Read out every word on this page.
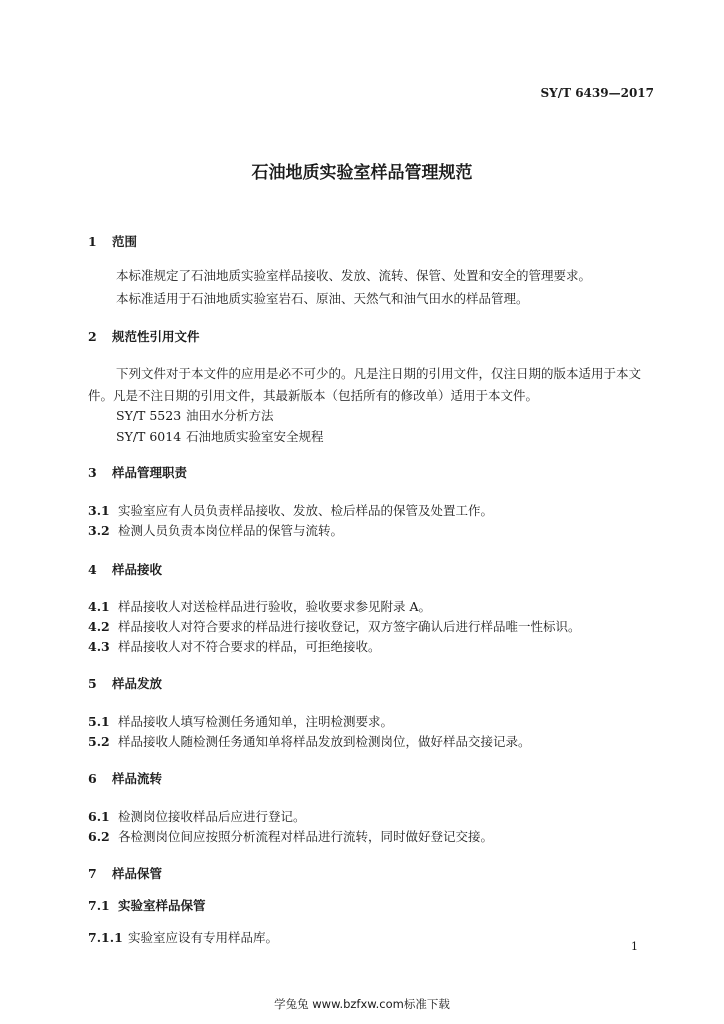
SY/T 6439—2017
石油地质实验室样品管理规范
1 范围
本标准规定了石油地质实验室样品接收、发放、流转、保管、处置和安全的管理要求。
本标准适用于石油地质实验室岩石、原油、天然气和油气田水的样品管理。
2 规范性引用文件
下列文件对于本文件的应用是必不可少的。凡是注日期的引用文件，仅注日期的版本适用于本文
件。凡是不注日期的引用文件，其最新版本（包括所有的修改单）适用于本文件。
SY/T 5523 油田水分析方法
SY/T 6014 石油地质实验室安全规程
3 样品管理职责
3.1 实验室应有人员负责样品接收、发放、检后样品的保管及处置工作。
3.2 检测人员负责本岗位样品的保管与流转。
4 样品接收
4.1 样品接收人对送检样品进行验收，验收要求参见附录 A。
4.2 样品接收人对符合要求的样品进行接收登记，双方签字确认后进行样品唯一性标识。
4.3 样品接收人对不符合要求的样品，可拒绝接收。
5 样品发放
5.1 样品接收人填写检测任务通知单，注明检测要求。
5.2 样品接收人随检测任务通知单将样品发放到检测岗位，做好样品交接记录。
6 样品流转
6.1 检测岗位接收样品后应进行登记。
6.2 各检测岗位间应按照分析流程对样品进行流转，同时做好登记交接。
7 样品保管
7.1 实验室样品保管
7.1.1 实验室应设有专用样品库。
1
学兔兔 www.bzfxw.com标准下载
